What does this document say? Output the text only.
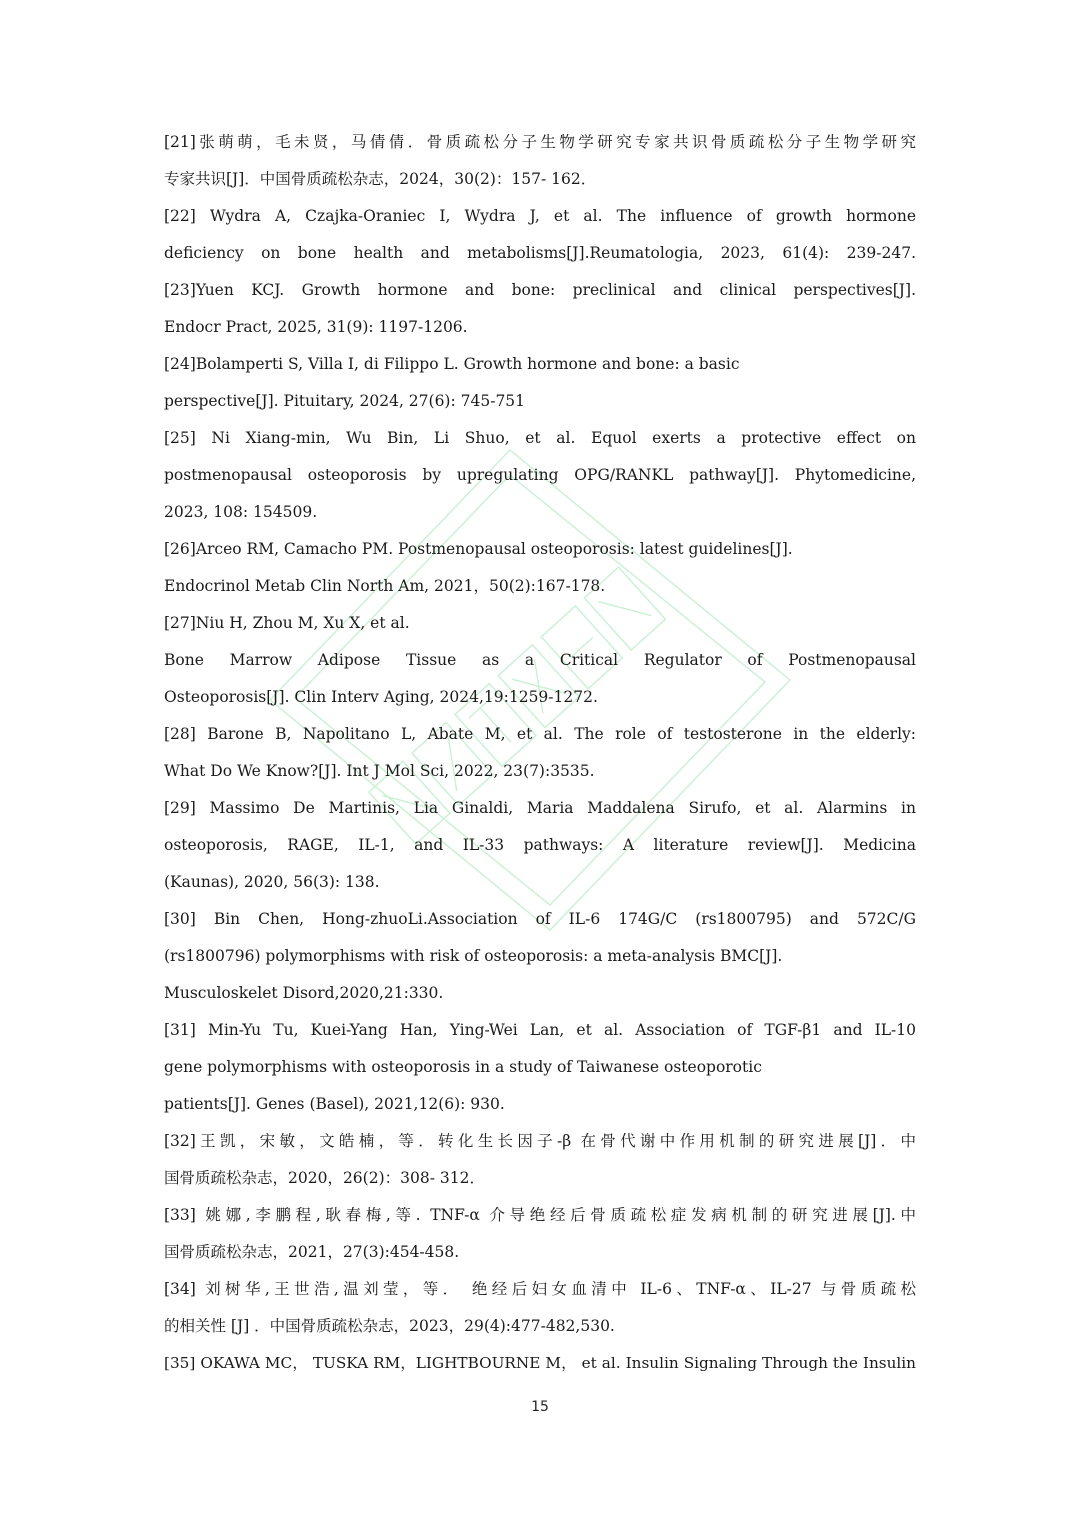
[21]张萌萌，毛未贤，马倩倩．骨质疏松分子生物学研究专家共识骨质疏松分子生物学研究
专家共识[J]．中国骨质疏松杂志，2024，30(2)：157- 162．
[22] Wydra A, Czajka-Oraniec I, Wydra J, et al. The influence of growth hormone
deficiency on bone health and metabolisms[J].Reumatologia, 2023, 61(4): 239-247.
[23]Yuen KCJ. Growth hormone and bone: preclinical and clinical perspectives[J].
Endocr Pract, 2025, 31(9): 1197-1206.
[24]Bolamperti S, Villa I, di Filippo L. Growth hormone and bone: a basic
perspective[J]. Pituitary, 2024, 27(6): 745-751
[25] Ni Xiang-min, Wu Bin, Li Shuo, et al. Equol exerts a protective effect on
postmenopausal osteoporosis by upregulating OPG/RANKL pathway[J]. Phytomedicine,
2023, 108: 154509.
[26]Arceo RM, Camacho PM. Postmenopausal osteoporosis: latest guidelines[J].
Endocrinol Metab Clin North Am, 2021，50(2):167-178.
[27]Niu H, Zhou M, Xu X, et al.
Bone Marrow Adipose Tissue as a Critical Regulator of Postmenopausal
Osteoporosis[J]. Clin Interv Aging, 2024,19:1259-1272.
[28] Barone B, Napolitano L, Abate M, et al. The role of testosterone in the elderly:
What Do We Know?[J]. Int J Mol Sci, 2022, 23(7):3535.
[29] Massimo De Martinis, Lia Ginaldi, Maria Maddalena Sirufo, et al. Alarmins in
osteoporosis, RAGE, IL-1, and IL-33 pathways: A literature review[J]. Medicina
(Kaunas), 2020, 56(3): 138.
[30] Bin Chen, Hong-zhuoLi.Association of IL-6 174G/C (rs1800795) and 572C/G
(rs1800796) polymorphisms with risk of osteoporosis: a meta-analysis BMC[J].
Musculoskelet Disord,2020,21:330.
[31] Min-Yu Tu, Kuei-Yang Han, Ying-Wei Lan, et al. Association of TGF-β1 and IL-10
gene polymorphisms with osteoporosis in a study of Taiwanese osteoporotic
patients[J]. Genes (Basel), 2021,12(6): 930.
[32]王凯，宋敏，文皓楠，等．转化生长因子-β 在骨代谢中作用机制的研究进展[J]．中
国骨质疏松杂志，2020，26(2)：308- 312．
[33] 姚娜,李鹏程,耿春梅,等. TNF-α 介导绝经后骨质疏松症发病机制的研究进展[J].中
国骨质疏松杂志，2021，27(3):454-458.
[34] 刘树华,王世浩,温刘莹，等． 绝经后妇女血清中 IL-6、TNF-α、IL-27 与骨质疏松
的相关性 [J] ．中国骨质疏松杂志，2023，29(4):477-482,530.
[35] OKAWA MC， TUSKA RM，LIGHTBOURNE M， et al. Insulin Signaling Through the Insulin
15
